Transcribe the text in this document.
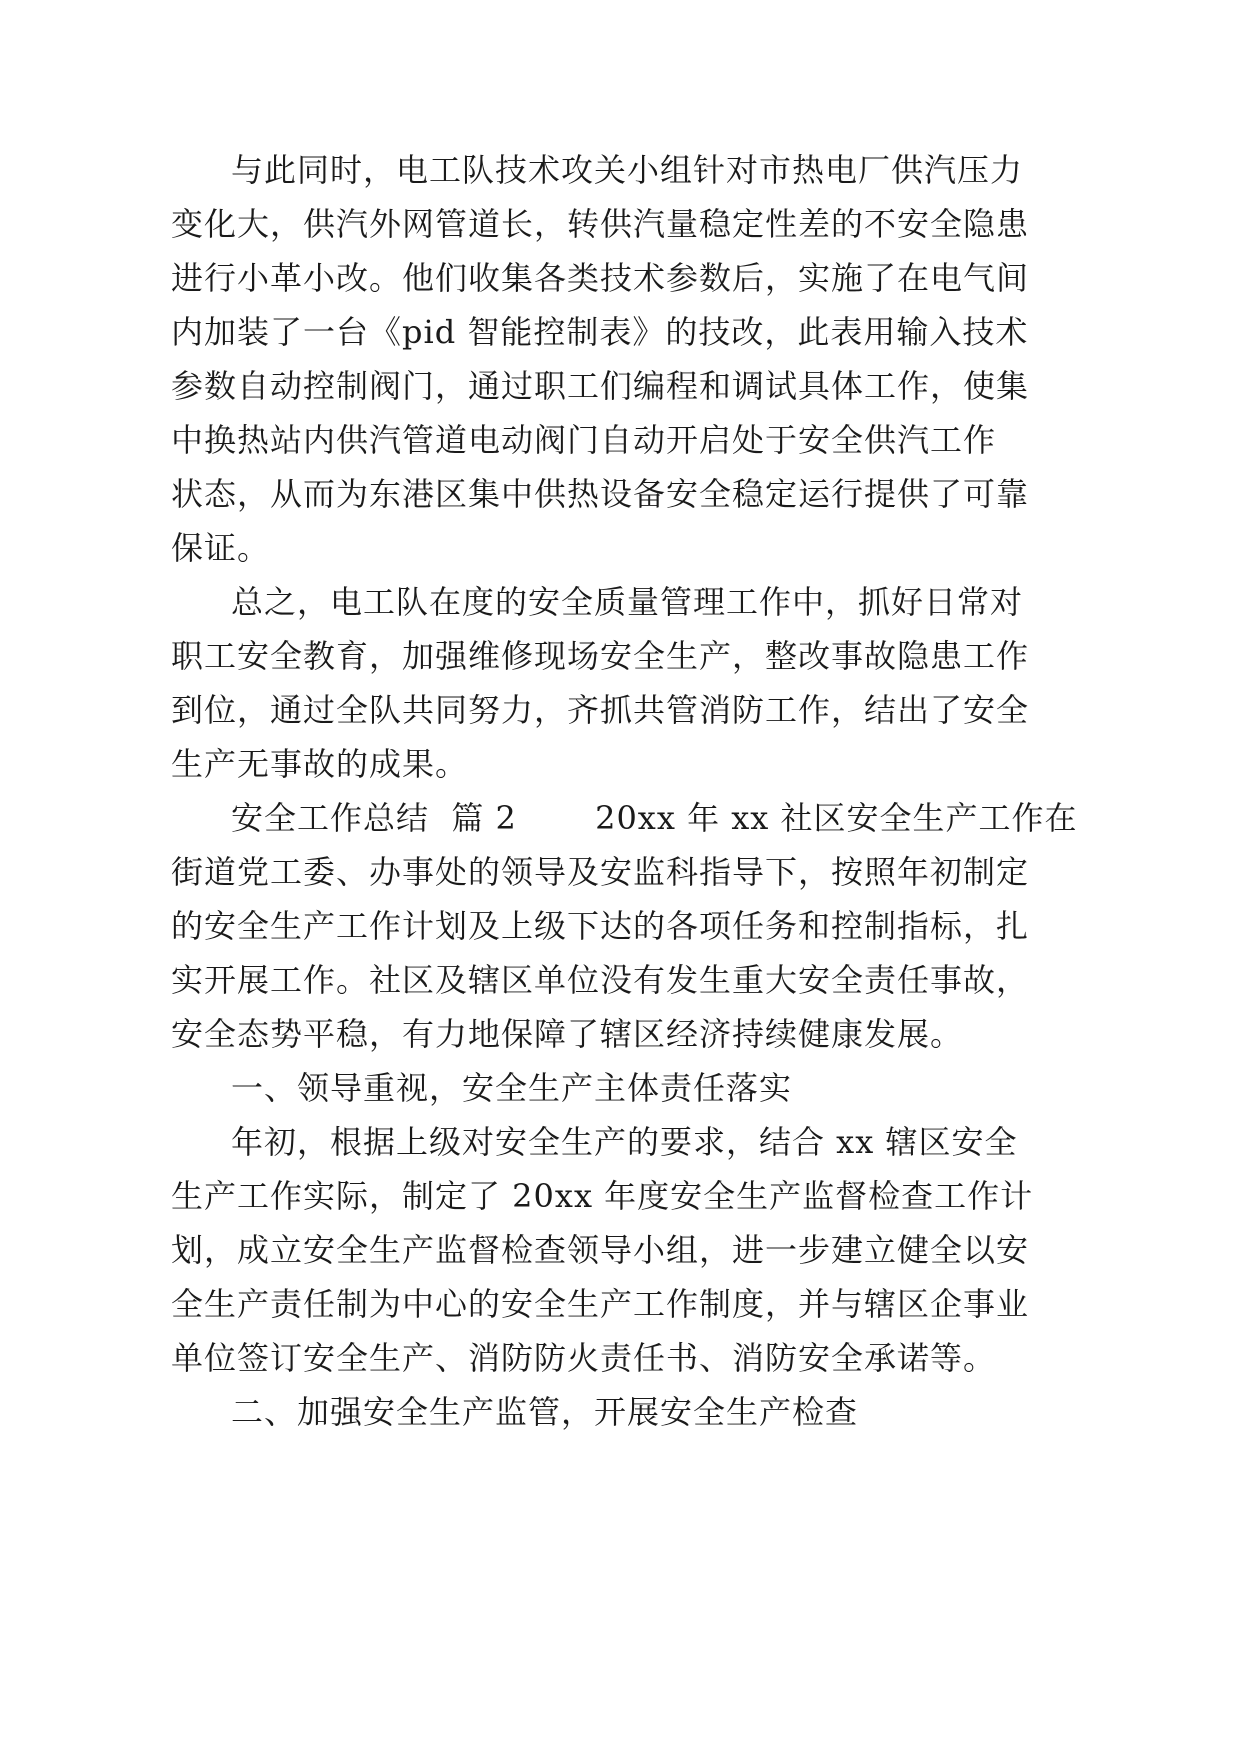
与此同时，电工队技术攻关小组针对市热电厂供汽压力
变化大，供汽外网管道长，转供汽量稳定性差的不安全隐患
进行小革小改。他们收集各类技术参数后，实施了在电气间
内加装了一台《pid 智能控制表》的技改，此表用输入技术
参数自动控制阀门，通过职工们编程和调试具体工作，使集
中换热站内供汽管道电动阀门自动开启处于安全供汽工作
状态，从而为东港区集中供热设备安全稳定运行提供了可靠
保证。
总之，电工队在度的安全质量管理工作中，抓好日常对
职工安全教育，加强维修现场安全生产，整改事故隐患工作
到位，通过全队共同努力，齐抓共管消防工作，结出了安全
生产无事故的成果。
安全工作总结  篇 2       20xx 年 xx 社区安全生产工作在
街道党工委、办事处的领导及安监科指导下，按照年初制定
的安全生产工作计划及上级下达的各项任务和控制指标，扎
实开展工作。社区及辖区单位没有发生重大安全责任事故，
安全态势平稳，有力地保障了辖区经济持续健康发展。
一、领导重视，安全生产主体责任落实
年初，根据上级对安全生产的要求，结合 xx 辖区安全
生产工作实际，制定了 20xx 年度安全生产监督检查工作计
划，成立安全生产监督检查领导小组，进一步建立健全以安
全生产责任制为中心的安全生产工作制度，并与辖区企事业
单位签订安全生产、消防防火责任书、消防安全承诺等。
二、加强安全生产监管，开展安全生产检查
